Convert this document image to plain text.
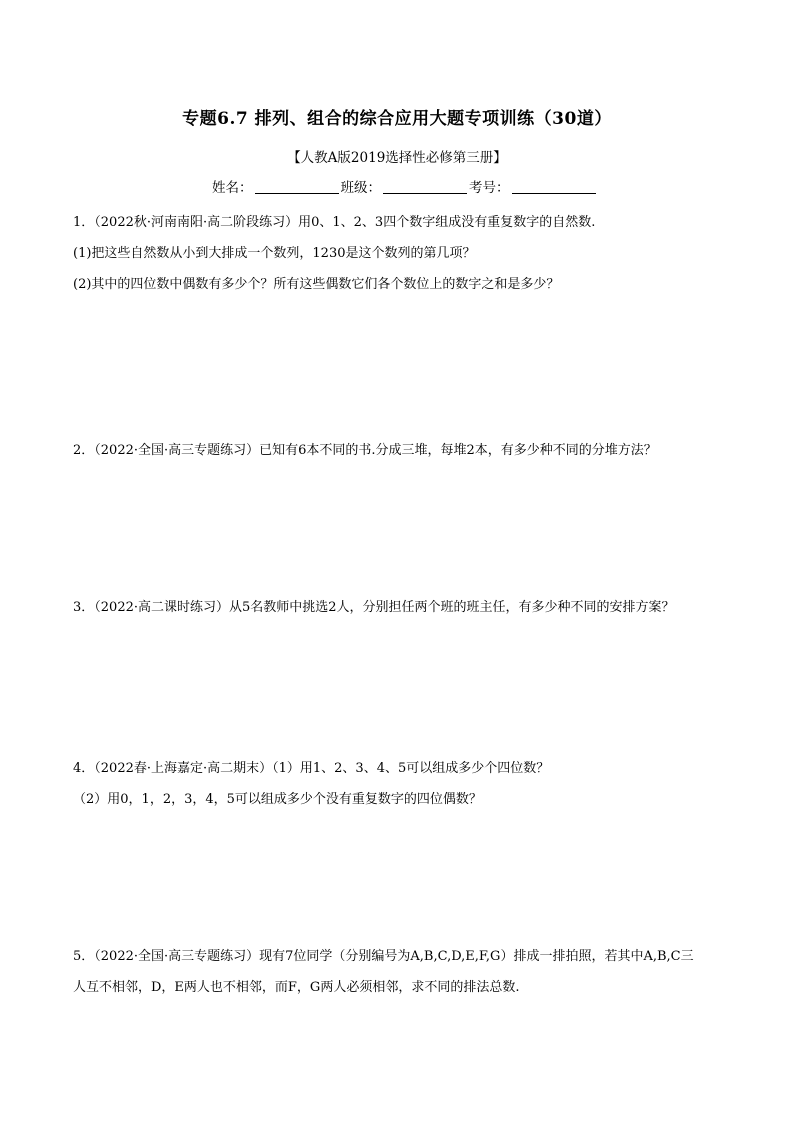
专题6.7 排列、组合的综合应用大题专项训练（30道）
【人教A版2019选择性必修第三册】
姓名：	班级：	考号：

1．（2022秋·河南南阳·高二阶段练习）用0、1、2、3四个数字组成没有重复数字的自然数.

(1)把这些自然数从小到大排成一个数列，1230是这个数列的第几项？

(2)其中的四位数中偶数有多少个？所有这些偶数它们各个数位上的数字之和是多少？

2．（2022·全国·高三专题练习）已知有6本不同的书.分成三堆，每堆2本，有多少种不同的分堆方法？

3．（2022·高二课时练习）从5名教师中挑选2人，分别担任两个班的班主任，有多少种不同的安排方案？

4．（2022春·上海嘉定·高二期末）（1）用1、2、3、4、5可以组成多少个四位数？

（2）用0，1，2，3，4，5可以组成多少个没有重复数字的四位偶数？

5．（2022·全国·高三专题练习）现有7位同学（分别编号为A,B,C,D,E,F,G）排成一排拍照，若其中A,B,C三

人互不相邻，D，E两人也不相邻，而F，G两人必须相邻，求不同的排法总数.
